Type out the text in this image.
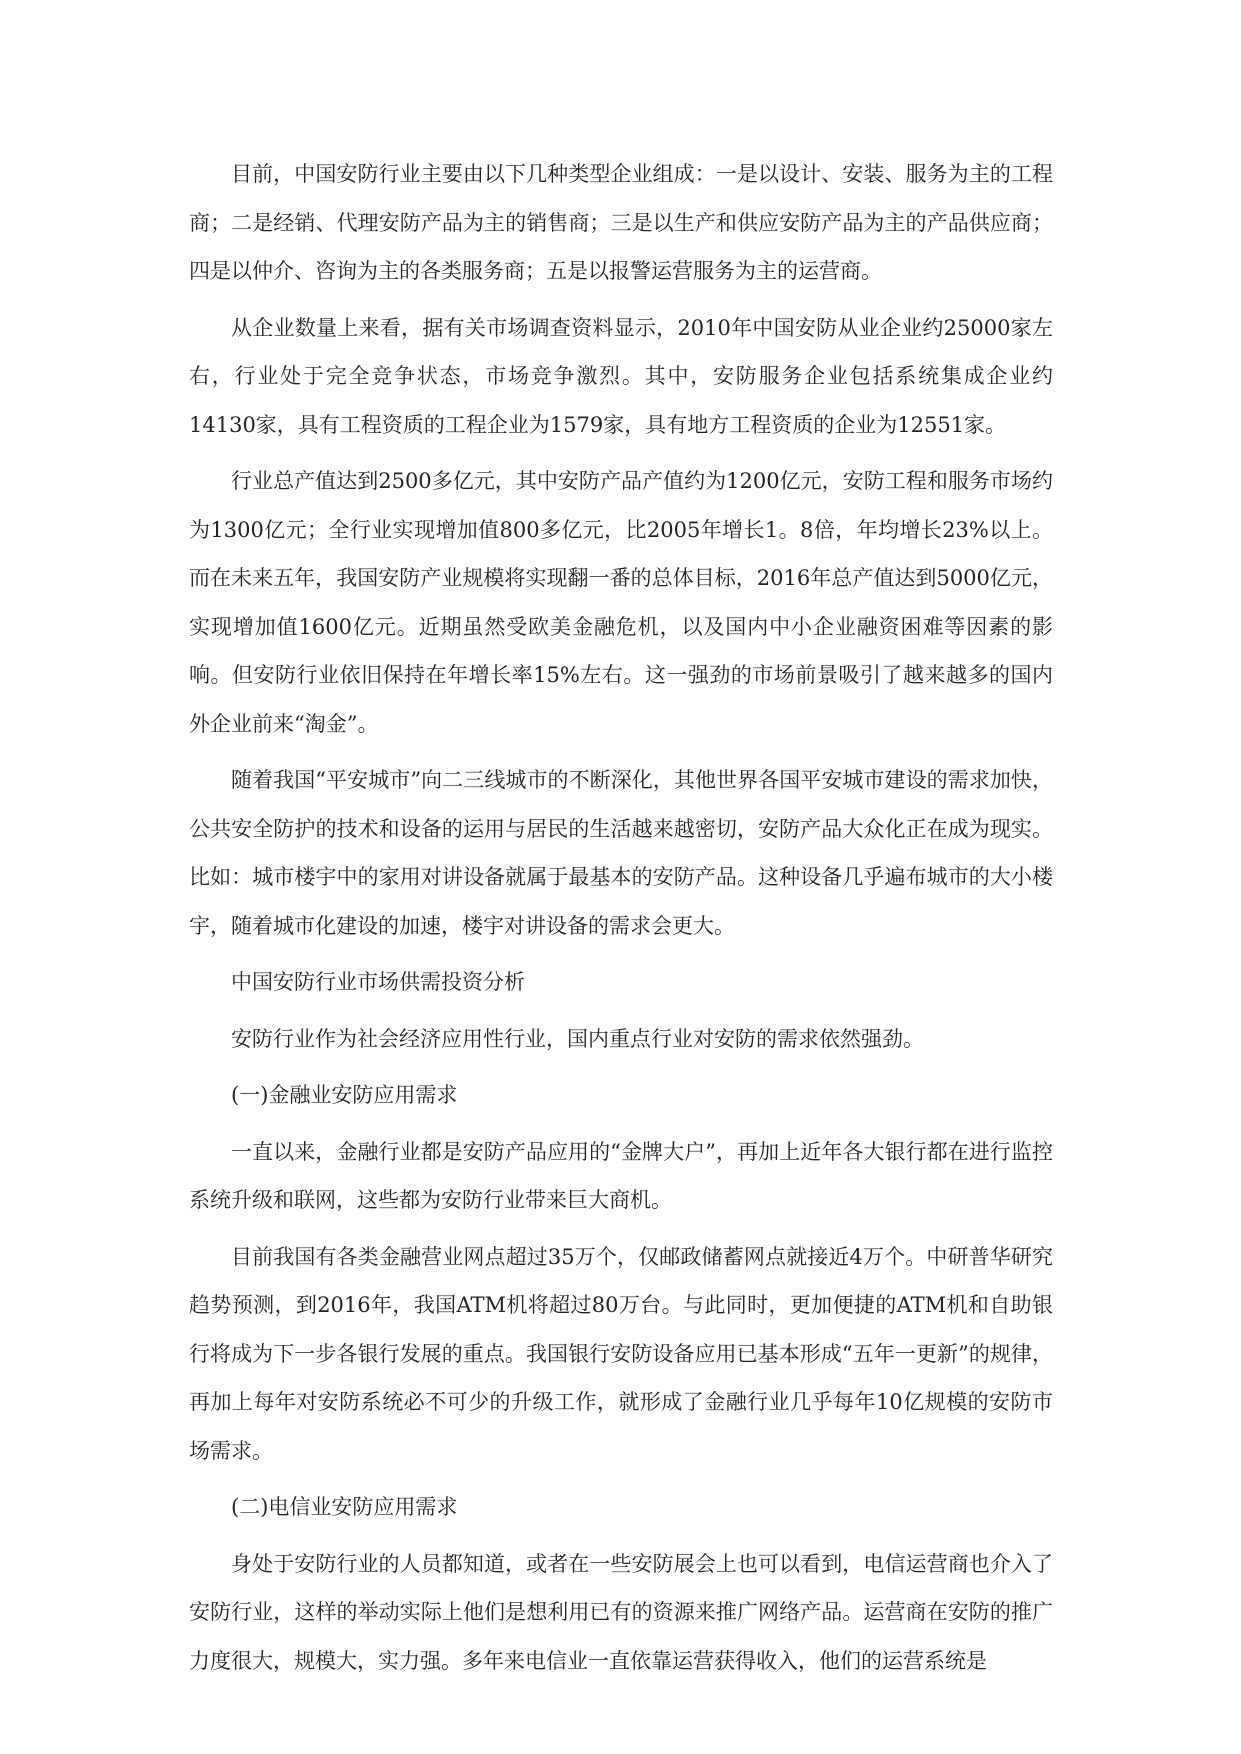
目前，中国安防行业主要由以下几种类型企业组成：一是以设计、安装、服务为主的工程商；二是经销、代理安防产品为主的销售商；三是以生产和供应安防产品为主的产品供应商；四是以仲介、咨询为主的各类服务商；五是以报警运营服务为主的运营商。

从企业数量上来看，据有关市场调查资料显示，2010年中国安防从业企业约25000家左右，行业处于完全竞争状态，市场竞争激烈。其中，安防服务企业包括系统集成企业约14130家，具有工程资质的工程企业为1579家，具有地方工程资质的企业为12551家。

行业总产值达到2500多亿元，其中安防产品产值约为1200亿元，安防工程和服务市场约为1300亿元；全行业实现增加值800多亿元，比2005年增长1。8倍，年均增长23%以上。而在未来五年，我国安防产业规模将实现翻一番的总体目标，2016年总产值达到5000亿元，实现增加值1600亿元。近期虽然受欧美金融危机，以及国内中小企业融资困难等因素的影响。但安防行业依旧保持在年增长率15%左右。这一强劲的市场前景吸引了越来越多的国内外企业前来“淘金”。

随着我国“平安城市”向二三线城市的不断深化，其他世界各国平安城市建设的需求加快，公共安全防护的技术和设备的运用与居民的生活越来越密切，安防产品大众化正在成为现实。比如：城市楼宇中的家用对讲设备就属于最基本的安防产品。这种设备几乎遍布城市的大小楼宇，随着城市化建设的加速，楼宇对讲设备的需求会更大。

中国安防行业市场供需投资分析

安防行业作为社会经济应用性行业，国内重点行业对安防的需求依然强劲。

(一)金融业安防应用需求

一直以来，金融行业都是安防产品应用的“金牌大户”，再加上近年各大银行都在进行监控系统升级和联网，这些都为安防行业带来巨大商机。

目前我国有各类金融营业网点超过35万个，仅邮政储蓄网点就接近4万个。中研普华研究趋势预测，到2016年，我国ATM机将超过80万台。与此同时，更加便捷的ATM机和自助银行将成为下一步各银行发展的重点。我国银行安防设备应用已基本形成“五年一更新”的规律，再加上每年对安防系统必不可少的升级工作，就形成了金融行业几乎每年10亿规模的安防市场需求。

(二)电信业安防应用需求

身处于安防行业的人员都知道，或者在一些安防展会上也可以看到，电信运营商也介入了安防行业，这样的举动实际上他们是想利用已有的资源来推广网络产品。运营商在安防的推广力度很大，规模大，实力强。多年来电信业一直依靠运营获得收入，他们的运营系统是
